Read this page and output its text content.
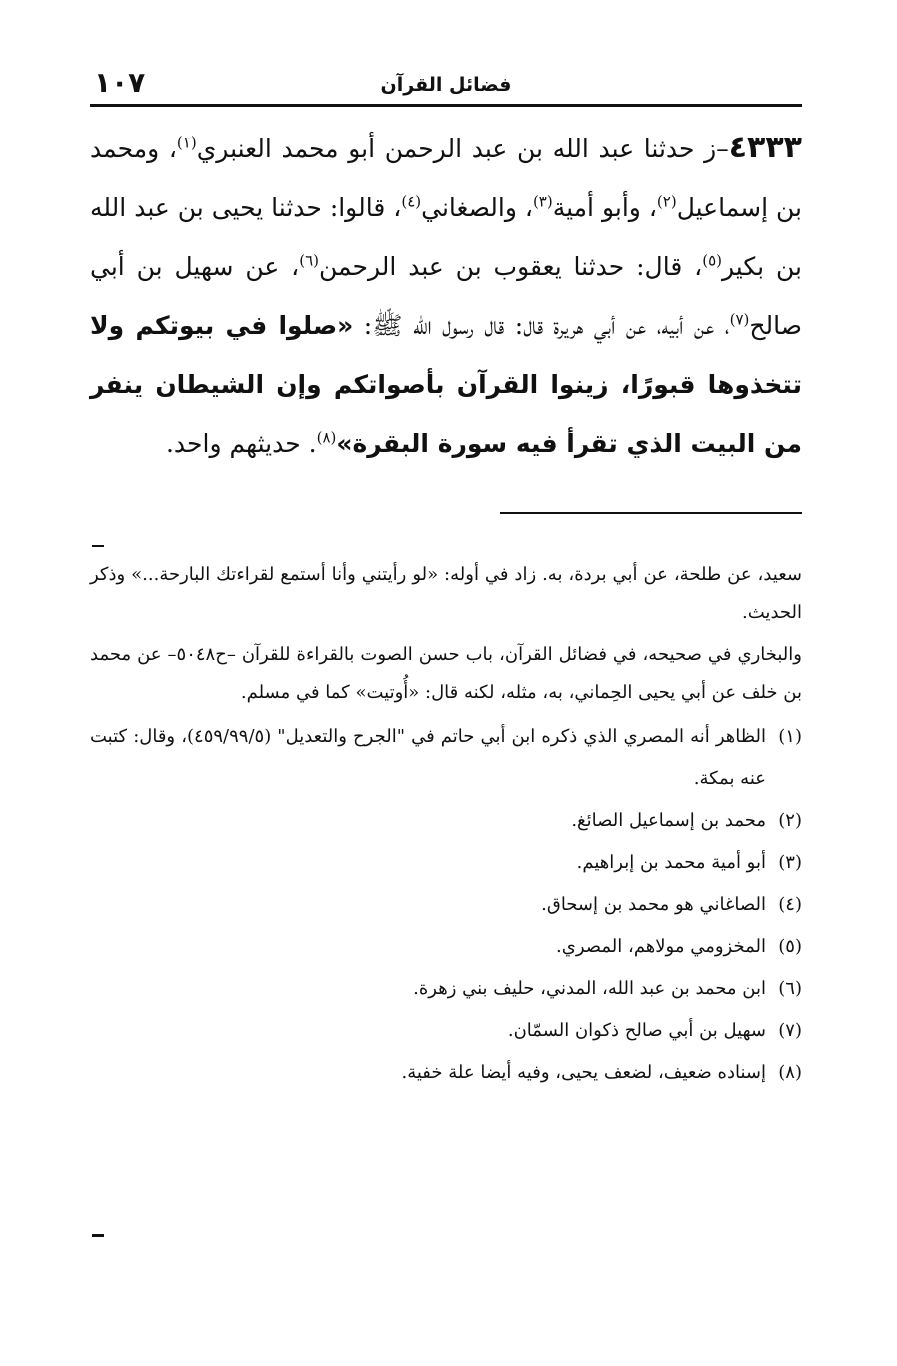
١٠٧	فضائل القرآن

٤٣٣٣–ز حدثنا عبد الله بن عبد الرحمن أبو محمد العنبري$^{(١)}$، ومحمد بن إسماعيل$^{(٢)}$، وأبو أمية$^{(٣)}$، والصغاني$^{(٤)}$، قالوا: حدثنا يحيى بن عبد الله بن بكير$^{(٥)}$، قال: حدثنا يعقوب بن عبد الرحمن$^{(٦)}$، عن سهيل بن أبي صالح$^{(٧)}$، عن أبيه، عن أبي هريرة قال: قال رسول الله ﷺ: «صلوا في بيوتكم ولا تتخذوها قبورًا، زينوا القرآن بأصواتكم وإن الشيطان ينفر من البيت الذي تقرأ فيه سورة البقرة»$^{(٨)}$. حديثهم واحد.

سعيد، عن طلحة، عن أبي بردة، به. زاد في أوله: «لو رأيتني وأنا أستمع لقراءتك البارحة...» وذكر الحديث.

والبخاري في صحيحه، في فضائل القرآن، باب حسن الصوت بالقراءة للقرآن –ح٥٠٤٨– عن محمد بن خلف عن أبي يحيى الحِماني، به، مثله، لكنه قال: «أُوتيت» كما في مسلم.

(١)
الظاهر أنه المصري الذي ذكره ابن أبي حاتم في "الجرح والتعديل" (٤٥٩/٩٩/٥)، وقال: كتبت عنه بمكة.
(٢)
محمد بن إسماعيل الصائغ.
(٣)
أبو أمية محمد بن إبراهيم.
(٤)
الصاغاني هو محمد بن إسحاق.
(٥)
المخزومي مولاهم، المصري.
(٦)
ابن محمد بن عبد الله، المدني، حليف بني زهرة.
(٧)
سهيل بن أبي صالح ذكوان السمّان.
(٨)
إسناده ضعيف، لضعف يحيى، وفيه أيضا علة خفية.
